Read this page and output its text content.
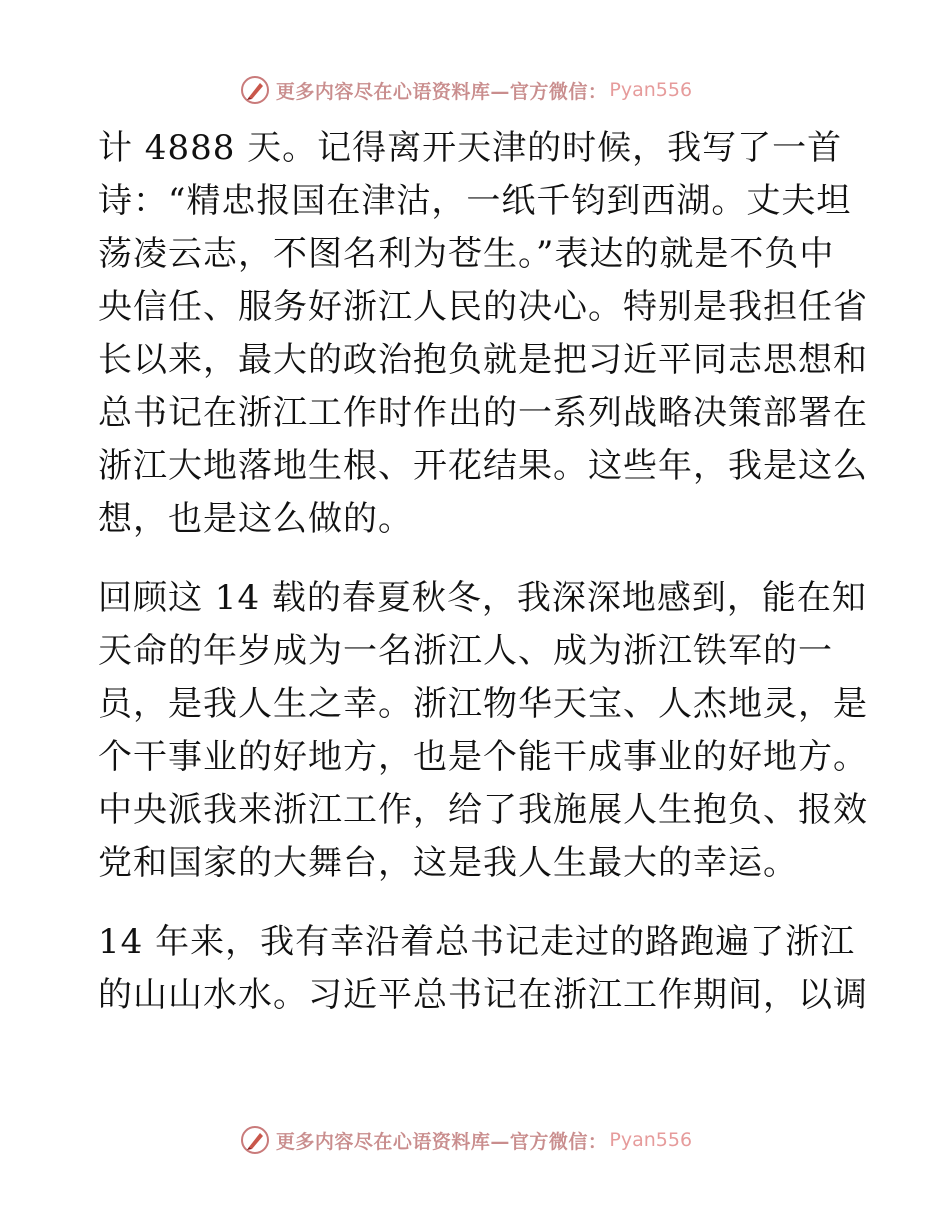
更多内容尽在心语资料库—官方微信： Pyan556
计 4888 天。记得离开天津的时候，我写了一首
诗：“精忠报国在津沽，一纸千钧到西湖。丈夫坦
荡凌云志，不图名利为苍生。”表达的就是不负中
央信任、服务好浙江人民的决心。特别是我担任省
长以来，最大的政治抱负就是把习近平同志思想和
总书记在浙江工作时作出的一系列战略决策部署在
浙江大地落地生根、开花结果。这些年，我是这么
想，也是这么做的。
回顾这 14 载的春夏秋冬，我深深地感到，能在知
天命的年岁成为一名浙江人、成为浙江铁军的一
员，是我人生之幸。浙江物华天宝、人杰地灵，是
个干事业的好地方，也是个能干成事业的好地方。
中央派我来浙江工作，给了我施展人生抱负、报效
党和国家的大舞台，这是我人生最大的幸运。
14 年来，我有幸沿着总书记走过的路跑遍了浙江
的山山水水。习近平总书记在浙江工作期间，以调
更多内容尽在心语资料库—官方微信： Pyan556
